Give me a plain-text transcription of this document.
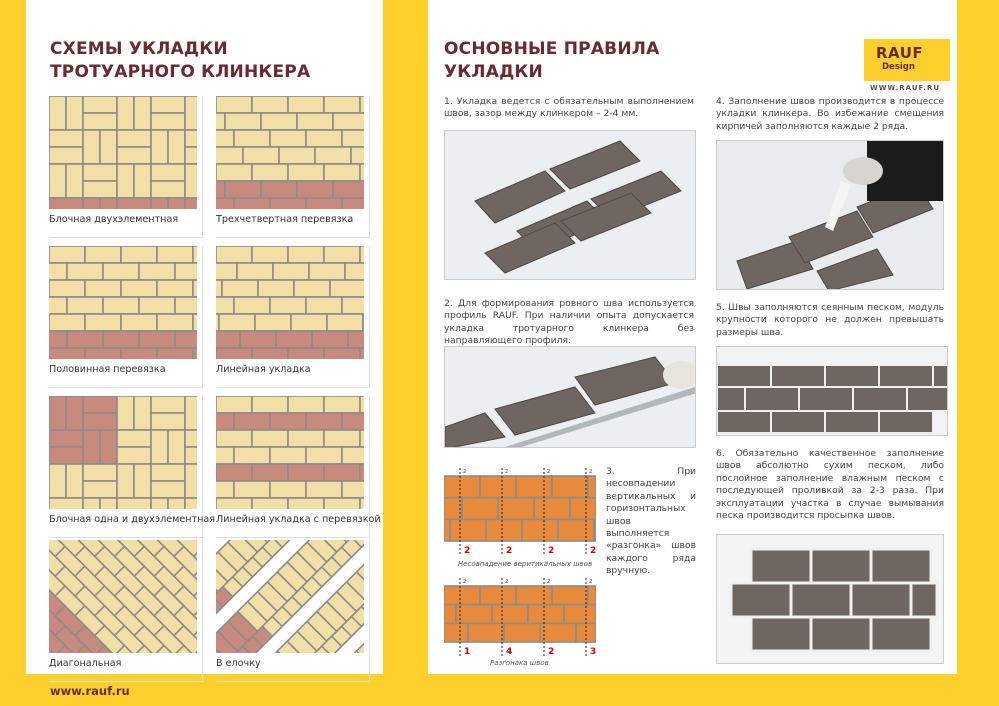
СХЕМЫ УКЛАДКИ ТРОТУАРНОГО КЛИНКЕРА
Блочная двухэлементная	Трехчетвертная перевязка
Половинная перевязка	Линейная укладка
Блочная одна и двухэлементная Линейная укладка с перевязкой
Диагональная	В елочку
www.rauf.ru
ОСНОВНЫЕ ПРАВИЛА УКЛАДКИ
RAUF
Design
WWW.RAUF.RU
1. Укладка ведется с обязательным выполнением швов, зазор между клинкером – 2-4 мм.
2. Для формирования ровного шва используется профиль RAUF. При наличии опыта допускается укладка тротуарного клинкера без направляющего профиля.
2
2
2
2
2
2
2
2
Несовпадение веритикальных швов
1
2
4
2
2
2
3
2
Разгонака швов
3. При несовпадении вертикальных и горизонтальных швов выполняется «разгонка» швов каждого ряда вручную.
4. Заполнение швов производится в процессе укладки клинкера. Во избежание смещения кирпичей заполняются каждые 2 ряда.
5. Швы заполняются сеянным песком, модуль крупности которого не должен превышать размеры шва.
6. Обязательно качественное заполнение швов абсолютно сухим песком, либо послойное заполнение влажным песком с последующей проливкой за 2-3 раза. При эксплуатации участка в случае вымывания песка производится просыпка швов.
